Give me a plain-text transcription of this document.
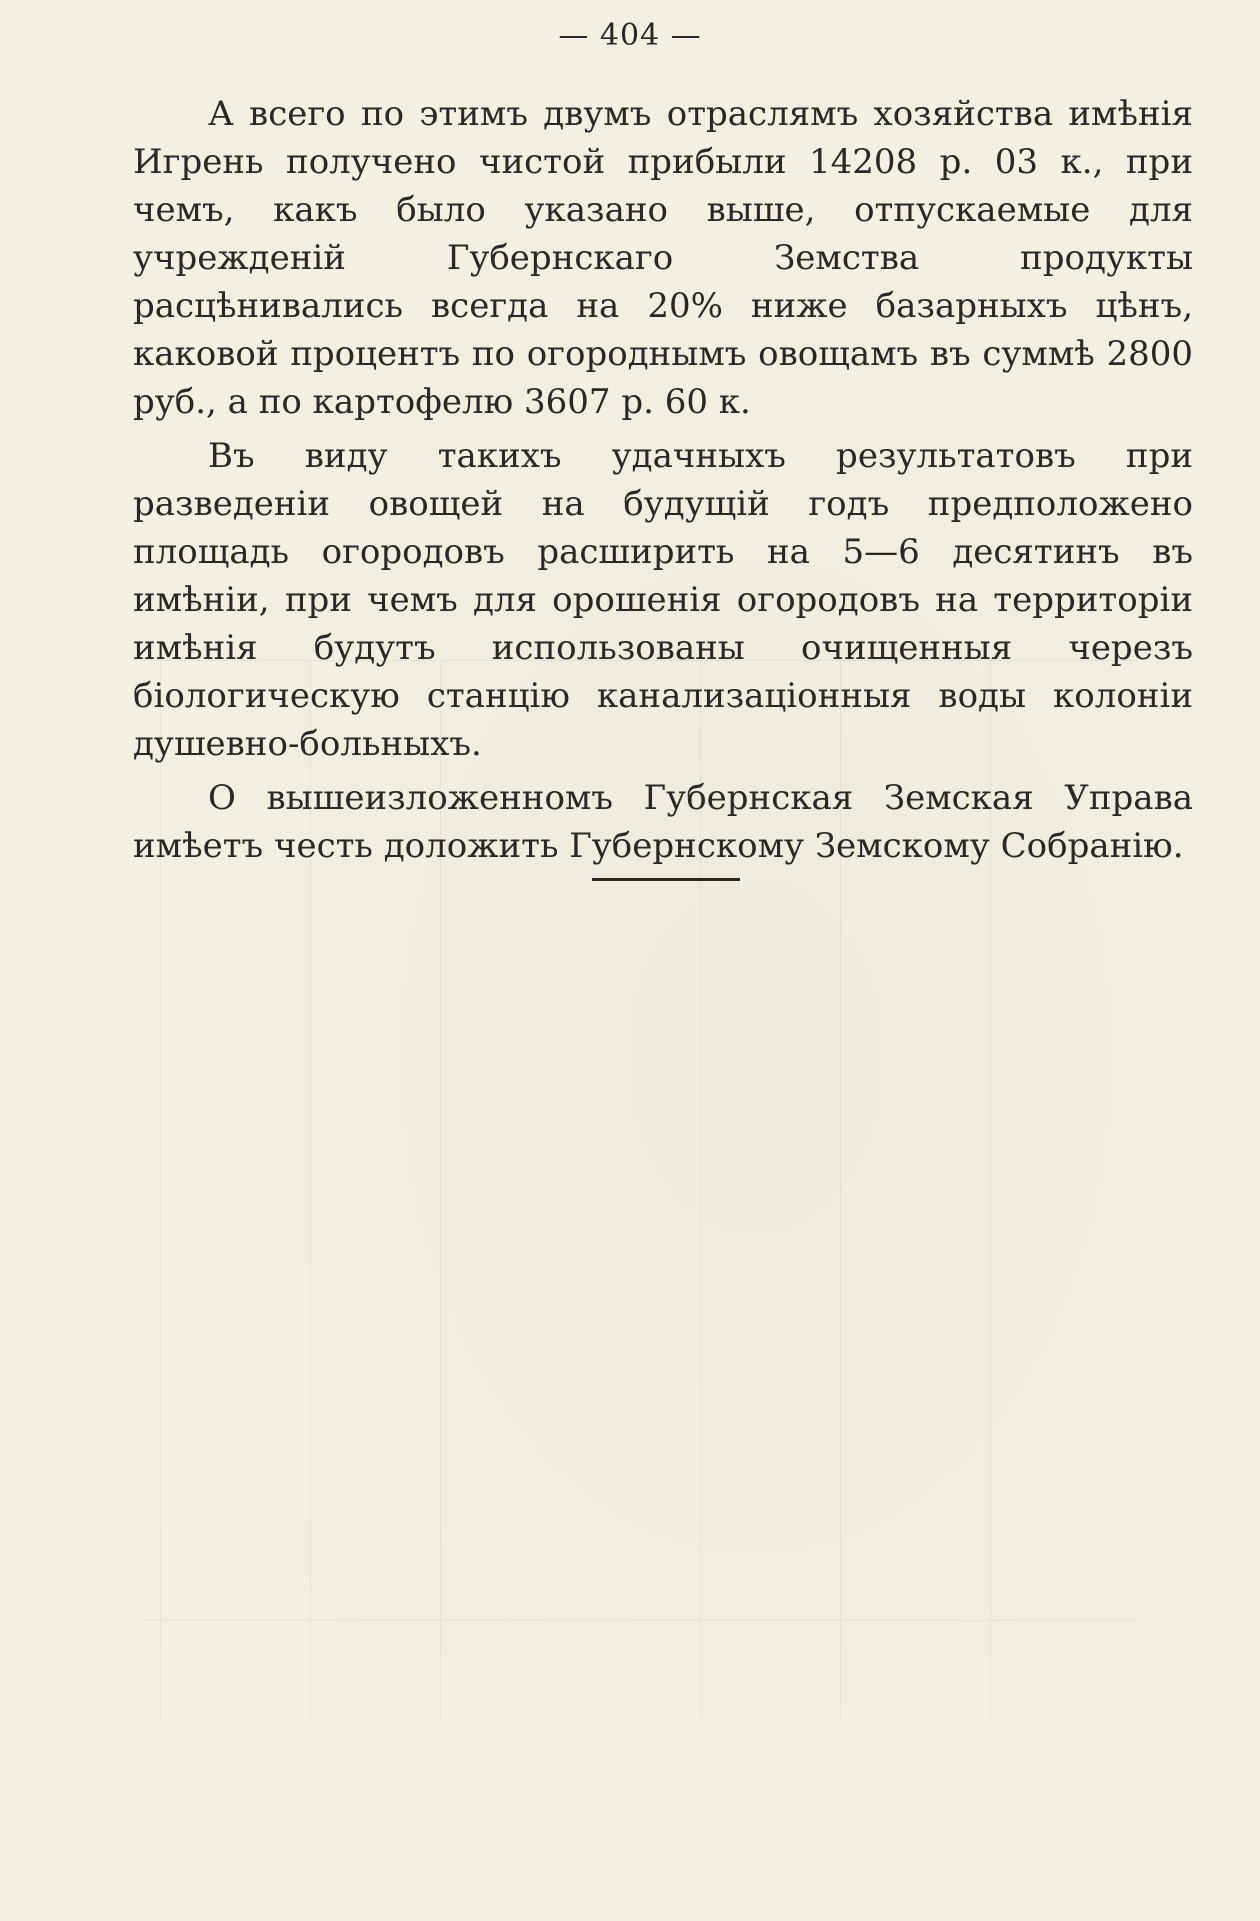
— 404 —

А всего по этимъ двумъ отраслямъ хозяйства имѣнія Игрень получено чистой прибыли 14208 р. 03 к., при чемъ, какъ было указано выше, отпускаемые для учрежденій Губернскаго Земства продукты расцѣнивались всегда на 20% ниже базарныхъ цѣнъ, каковой процентъ по огороднымъ овощамъ въ суммѣ 2800 руб., а по картофелю 3607 р. 60 к.

Въ виду такихъ удачныхъ результатовъ при разведеніи овощей на будущій годъ предположено площадь огородовъ расширить на 5—6 десятинъ въ имѣніи, при чемъ для орошенія огородовъ на территоріи имѣнія будутъ использованы очищенныя черезъ біологическую станцію канализаціонныя воды колоніи душевно-больныхъ.

О вышеизложенномъ Губернская Земская Управа имѣетъ честь доложить Губернскому Земскому Собранію.
